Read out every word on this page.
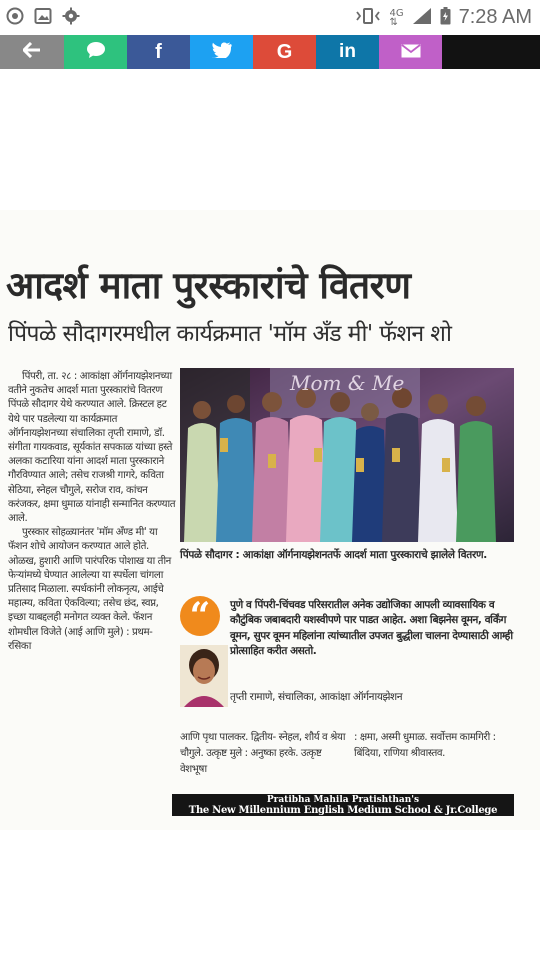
4G
⇅	7:28 AM
f	G in
आदर्श माता पुरस्कारांचे वितरण
पिंपळे सौदागरमधील कार्यक्रमात 'मॉम अँड मी' फॅशन शो

पिंपरी, ता. २८ : आकांक्षा ऑर्गनायझेशनच्या वतीने नुकतेच आदर्श माता पुरस्कारांचे वितरण पिंपळे सौदागर येथे करण्यात आले. क्रिस्टल हट येथे पार पडलेल्या या कार्यक्रमात ऑर्गनायझेशनच्या संचालिका तृप्ती रामाणे, डॉ. संगीता गायकवाड, सूर्यकांत सपकाळ यांच्या हस्ते अलका कटारिया यांना आदर्श माता पुरस्काराने गौरविण्यात आले; तसेच राजश्री गागरे, कविता सेठिया, स्नेहल चौगुले, सरोज राव, कांचन करंजकर, क्षमा धुमाळ यांनाही सन्मानित करण्यात आले.

पुरस्कार सोहळ्यानंतर 'मॉम अँण्ड मी' या फॅशन शोचे आयोजन करण्यात आले होते. ओळख, हुशारी आणि पारंपरिक पोशाख या तीन फेऱ्यांमध्ये घेण्यात आलेल्या या स्पर्धेला चांगला प्रतिसाद मिळाला. स्पर्धकांनी लोकनृत्य, आईचे महात्म्य, कविता ऐकविल्या; तसेच छंद, स्वप्न, इच्छा याबद्दलही मनोगत व्यक्त केले. फॅशन शोमधील विजेते (आई आणि मुले) : प्रथम- रसिका

Mom & Me
पिंपळे सौदागर : आकांक्षा ऑर्गनायझेशनतर्फे आदर्श माता पुरस्काराचे झालेले वितरण.
“	पुणे व पिंपरी-चिंचवड परिसरातील अनेक उद्योजिका आपली व्यावसायिक व कौटुंबिक जबाबदारी यशस्वीपणे पार पाडत आहेत. अशा बिझनेस वूमन, वर्किंग वूमन, सुपर वूमन महिलांना त्यांच्यातील उपजत बुद्धीला चालना देण्यासाठी आम्ही प्रोत्साहित करीत असतो.
तृप्ती रामाणे, संचालिका, आकांक्षा ऑर्गनायझेशन

आणि पृथा पालकर. द्वितीय- स्नेहल, शौर्य व श्रेया चौगुले. उत्कृष्ट मुले : अनुष्का हरके. उत्कृष्ट वेशभूषा

: क्षमा, अस्मी धुमाळ. सर्वोत्तम कामगिरी : बिंदिया, राणिया श्रीवास्तव.

Pratibha Mahila Pratishthan's
The New Millennium English Medium School & Jr.College
